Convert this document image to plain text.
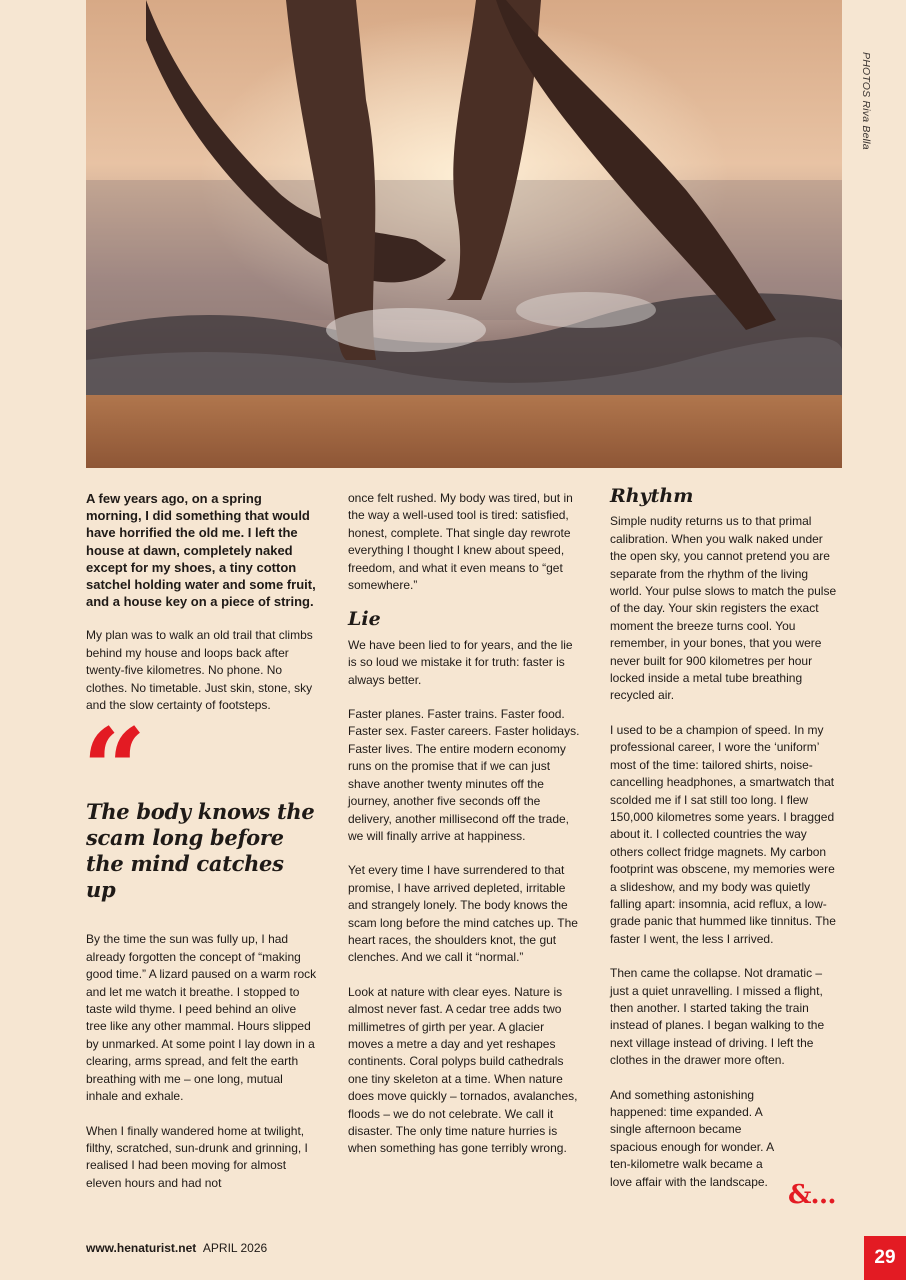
PHOTOS Riva Bella

A few years ago, on a spring morning, I did something that would have horrified the old me. I left the house at dawn, completely naked except for my shoes, a tiny cotton satchel holding water and some fruit, and a house key on a piece of string.

My plan was to walk an old trail that climbs behind my house and loops back after twenty-five kilometres. No phone. No clothes. No timetable. Just skin, stone, sky and the slow certainty of footsteps.

“
The body knows the scam long before the mind catches up

By the time the sun was fully up, I had already forgotten the concept of “making good time.” A lizard paused on a warm rock and let me watch it breathe. I stopped to taste wild thyme. I peed behind an olive tree like any other mammal. Hours slipped by unmarked. At some point I lay down in a clearing, arms spread, and felt the earth breathing with me – one long, mutual inhale and exhale.

When I finally wandered home at twilight, filthy, scratched, sun-drunk and grinning, I realised I had been moving for almost eleven hours and had not

once felt rushed. My body was tired, but in the way a well-used tool is tired: satisfied, honest, complete. That single day rewrote everything I thought I knew about speed, freedom, and what it even means to “get somewhere.”

Lie

We have been lied to for years, and the lie is so loud we mistake it for truth: faster is always better.

Faster planes. Faster trains. Faster food. Faster sex. Faster careers. Faster holidays. Faster lives. The entire modern economy runs on the promise that if we can just shave another twenty minutes off the journey, another five seconds off the delivery, another millisecond off the trade, we will finally arrive at happiness.

Yet every time I have surrendered to that promise, I have arrived depleted, irritable and strangely lonely. The body knows the scam long before the mind catches up. The heart races, the shoulders knot, the gut clenches. And we call it “normal.”

Look at nature with clear eyes. Nature is almost never fast. A cedar tree adds two millimetres of girth per year. A glacier moves a metre a day and yet reshapes continents. Coral polyps build cathedrals one tiny skeleton at a time. When nature does move quickly – tornados, avalanches, floods – we do not celebrate. We call it disaster. The only time nature hurries is when something has gone terribly wrong.

Rhythm

Simple nudity returns us to that primal calibration. When you walk naked under the open sky, you cannot pretend you are separate from the rhythm of the living world. Your pulse slows to match the pulse of the day. Your skin registers the exact moment the breeze turns cool. You remember, in your bones, that you were never built for 900 kilometres per hour locked inside a metal tube breathing recycled air.

I used to be a champion of speed. In my professional career, I wore the ‘uniform’ most of the time: tailored shirts, noise-cancelling headphones, a smartwatch that scolded me if I sat still too long. I flew 150,000 kilometres some years. I bragged about it. I collected countries the way others collect fridge magnets. My carbon footprint was obscene, my memories were a slideshow, and my body was quietly falling apart: insomnia, acid reflux, a low-grade panic that hummed like tinnitus. The faster I went, the less I arrived.

Then came the collapse. Not dramatic – just a quiet unravelling. I missed a flight, then another. I started taking the train instead of planes. I began walking to the next village instead of driving. I left the clothes in the drawer more often.

And something astonishing happened: time expanded. A single afternoon became spacious enough for wonder. A ten-kilometre walk became a love affair with the landscape. &…
www.henaturist.net APRIL 2026	29
